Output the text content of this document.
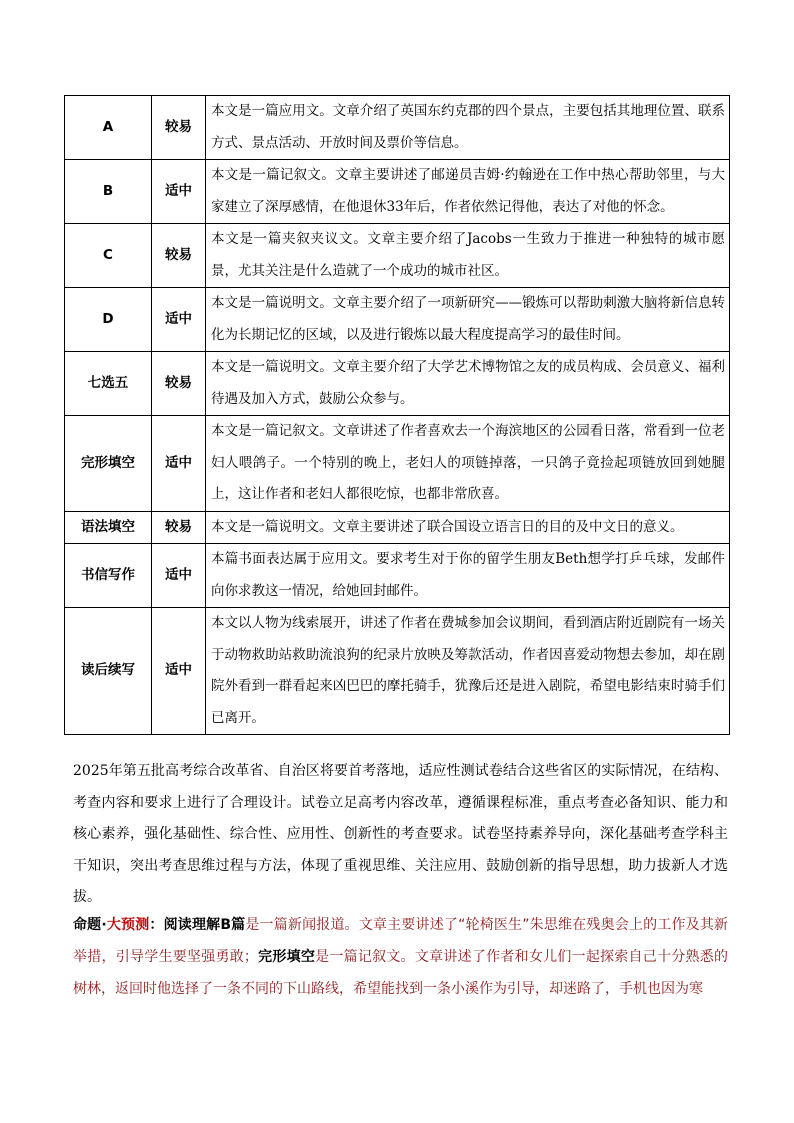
A	较易	本文是一篇应用文。文章介绍了英国东约克郡的四个景点，主要包括其地理位置、联系方式、景点活动、开放时间及票价等信息。
B	适中	本文是一篇记叙文。文章主要讲述了邮递员吉姆·约翰逊在工作中热心帮助邻里，与大家建立了深厚感情，在他退休33年后，作者依然记得他，表达了对他的怀念。
C	较易	本文是一篇夹叙夹议文。文章主要介绍了Jacobs一生致力于推进一种独特的城市愿景，尤其关注是什么造就了一个成功的城市社区。
D	适中	本文是一篇说明文。文章主要介绍了一项新研究——锻炼可以帮助刺激大脑将新信息转化为长期记忆的区域，以及进行锻炼以最大程度提高学习的最佳时间。
七选五	较易	本文是一篇说明文。文章主要介绍了大学艺术博物馆之友的成员构成、会员意义、福利待遇及加入方式，鼓励公众参与。
完形填空	适中	本文是一篇记叙文。文章讲述了作者喜欢去一个海滨地区的公园看日落，常看到一位老妇人喂鸽子。一个特别的晚上，老妇人的项链掉落，一只鸽子竟捡起项链放回到她腿上，这让作者和老妇人都很吃惊，也都非常欣喜。
语法填空	较易	本文是一篇说明文。文章主要讲述了联合国设立语言日的目的及中文日的意义。
书信写作	适中	本篇书面表达属于应用文。要求考生对于你的留学生朋友Beth想学打乒乓球，发邮件向你求教这一情况，给她回封邮件。
读后续写	适中	本文以人物为线索展开，讲述了作者在费城参加会议期间，看到酒店附近剧院有一场关于动物救助站救助流浪狗的纪录片放映及筹款活动，作者因喜爱动物想去参加，却在剧院外看到一群看起来凶巴巴的摩托骑手，犹豫后还是进入剧院，希望电影结束时骑手们已离开。
2025年第五批高考综合改革省、自治区将要首考落地，适应性测试卷结合这些省区的实际情况，在结构、考查内容和要求上进行了合理设计。试卷立足高考内容改革，遵循课程标准，重点考查必备知识、能力和核心素养，强化基础性、综合性、应用性、创新性的考查要求。试卷坚持素养导向，深化基础考查学科主干知识，突出考查思维过程与方法，体现了重视思维、关注应用、鼓励创新的指导思想，助力拔新人才选拔。
命题·大预测：阅读理解B篇是一篇新闻报道。文章主要讲述了“轮椅医生”朱思维在残奥会上的工作及其新举措，引导学生要坚强勇敢；完形填空是一篇记叙文。文章讲述了作者和女儿们一起探索自己十分熟悉的树林，返回时他选择了一条不同的下山路线，希望能找到一条小溪作为引导，却迷路了，手机也因为寒
